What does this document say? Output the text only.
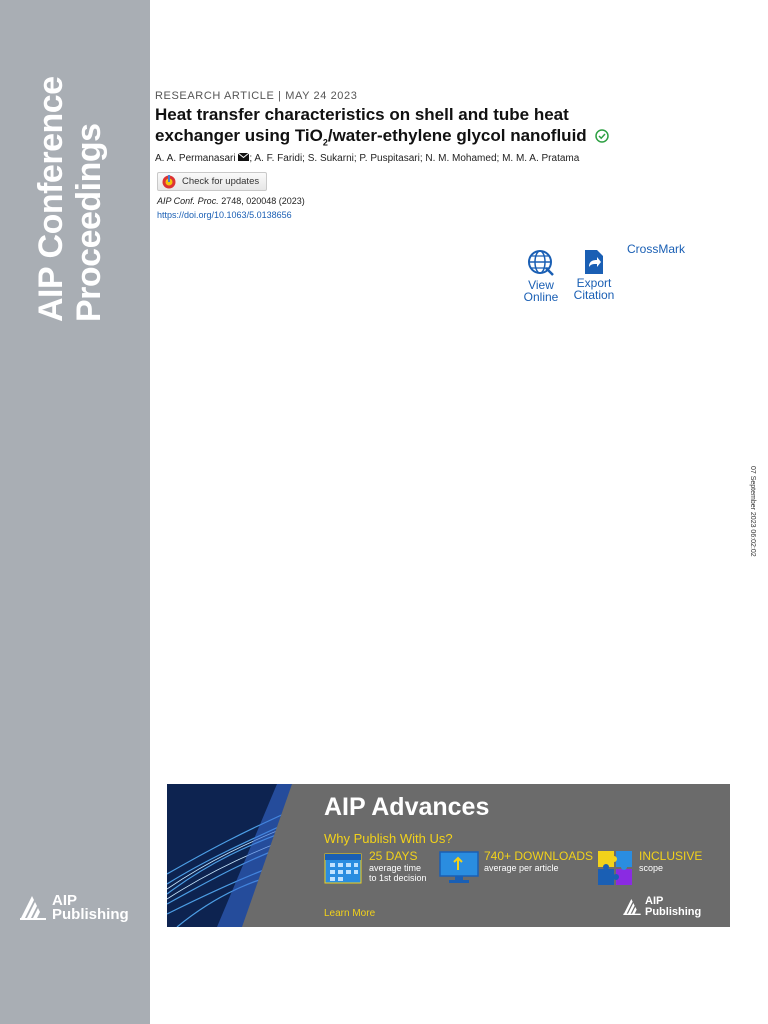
AIP Conference Proceedings
AIP
Publishing
RESEARCH ARTICLE | MAY 24 2023
Heat transfer characteristics on shell and tube heat exchanger using TiO$_2$/water-ethylene glycol nanofluid
A. A. Permanasari ; A. F. Faridi; S. Sukarni; P. Puspitasari; N. M. Mohamed; M. M. A. Pratama
Check for updates
AIP Conf. Proc. 2748, 020048 (2023)
https://doi.org/10.1063/5.0138656
View
Online
Export
Citation
CrossMark
07 September 2023 06:02:02
AIP Advances
Why Publish With Us?
25 DAYS
average time
to 1st decision
740+ DOWNLOADS
average per article
INCLUSIVE
scope
Learn More
AIP
Publishing
